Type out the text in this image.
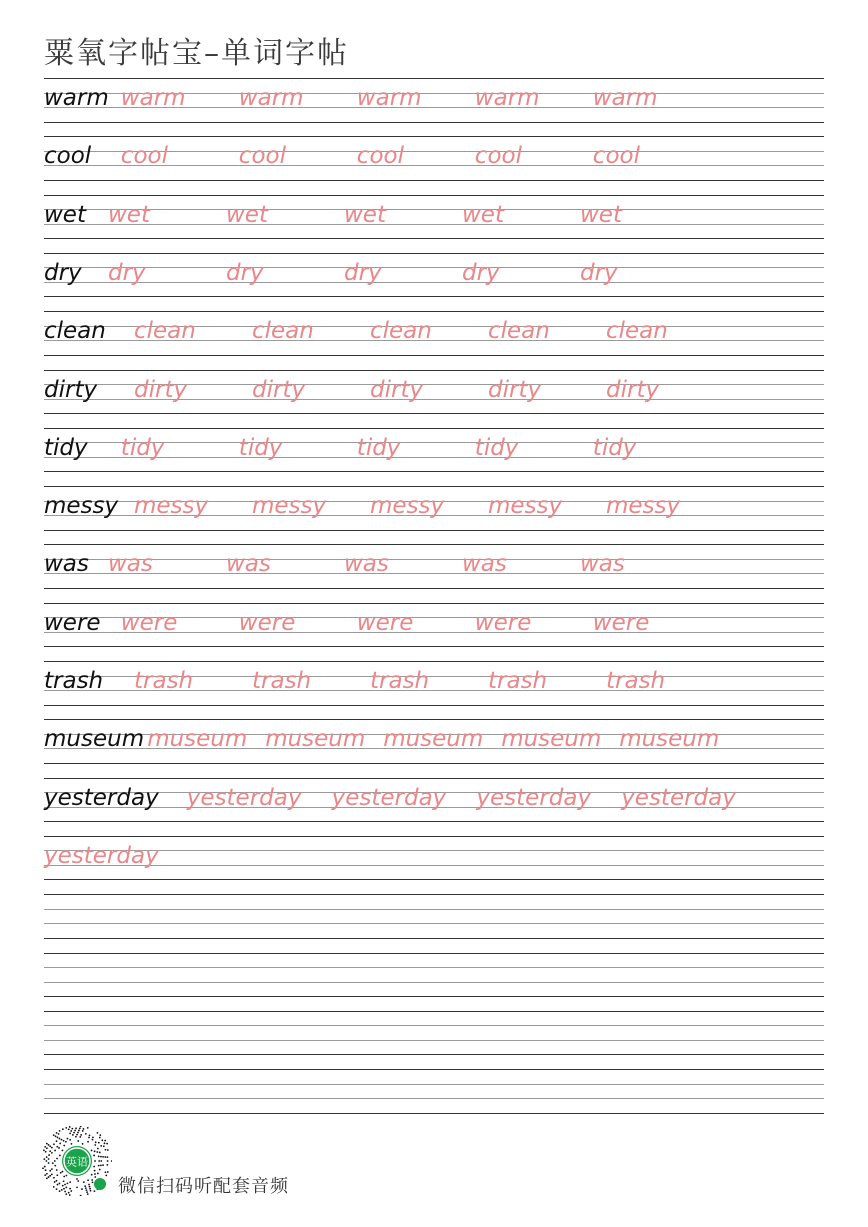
粟氧字帖宝–单词字帖
warm warm warm warm warm warm
cool cool	cool	cool	cool	cool
wet wet	wet	wet	wet	wet
dry dry	dry	dry	dry	dry
clean clean clean clean clean clean
dirty dirty	dirty	dirty	dirty	dirty
tidy tidy	tidy	tidy	tidy	tidy
messy messy messy messy messy messy
was was	was	was	was	was
were were	were	were	were	were
trash trash	trash	trash	trash	trash
museum museum museum museum museum museum
yesterday yesterday yesterday yesterday yesterday
yesterday
英语
微信扫码听配套音频
